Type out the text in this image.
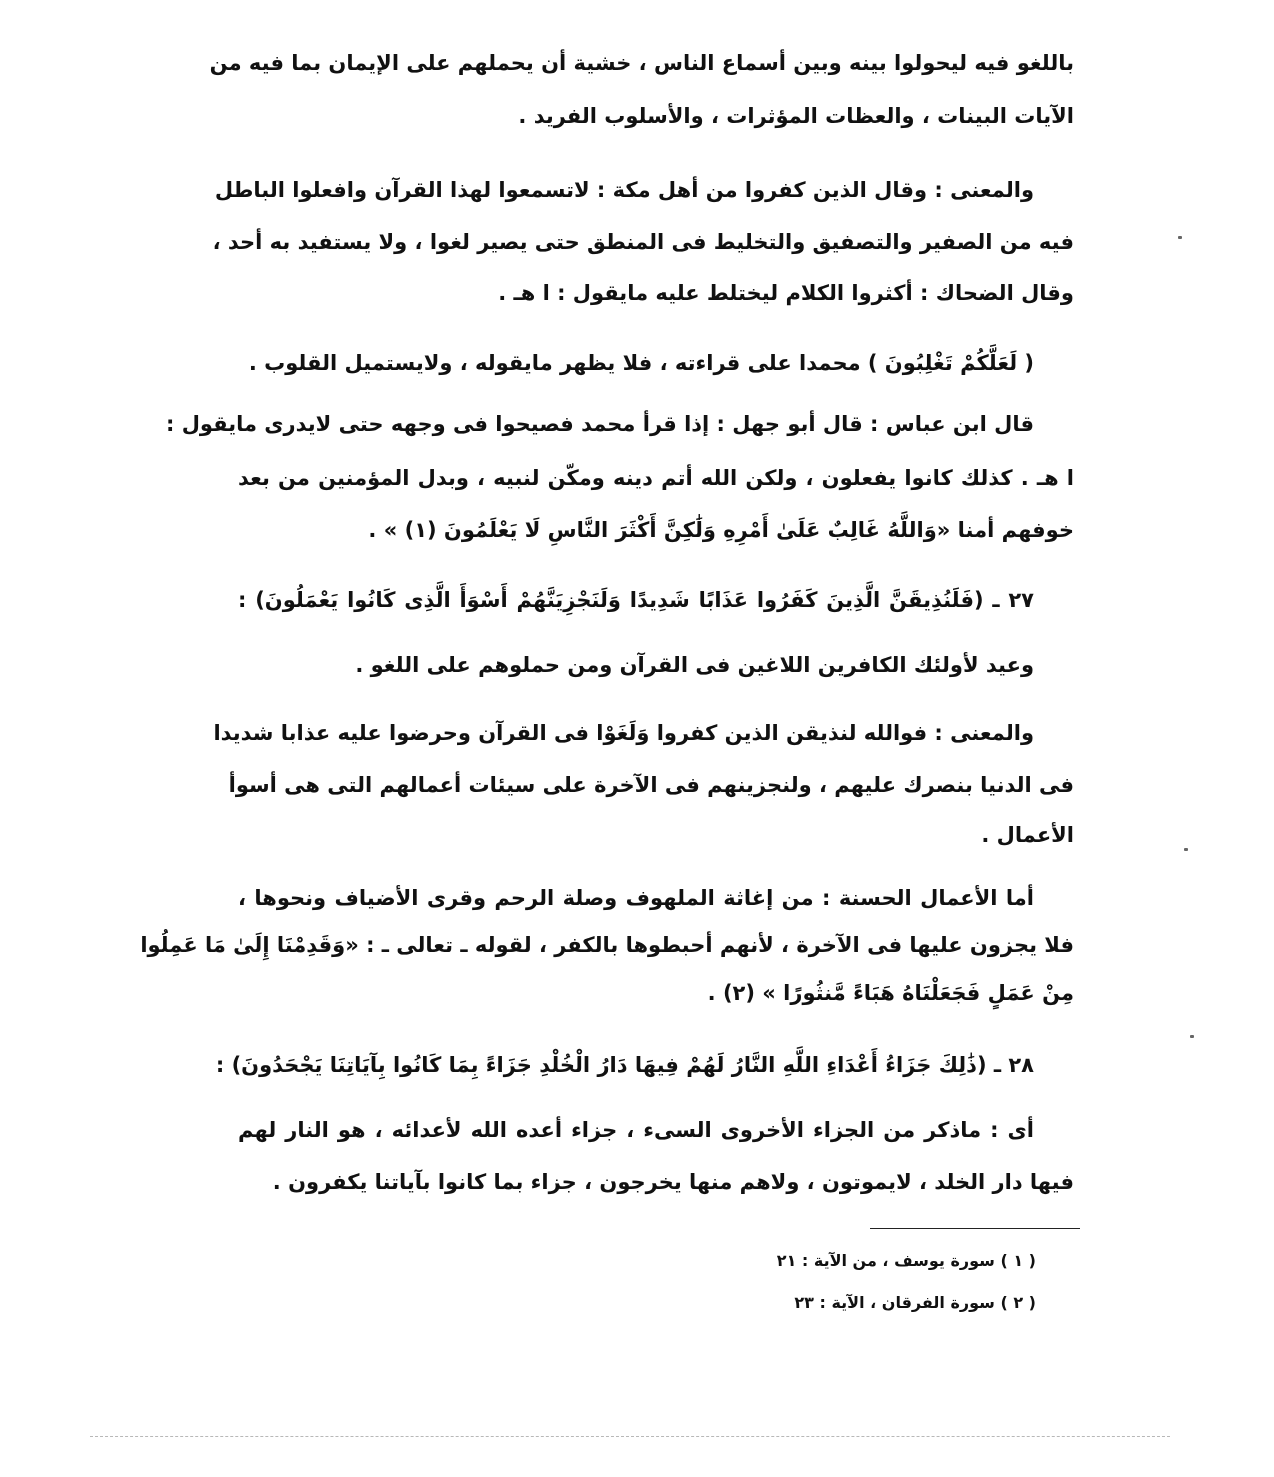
باللغو فيه ليحولوا بينه وبين أسماع الناس ، خشية أن يحملهم على الإيمان بما فيه من
الآيات البينات ، والعظات المؤثرات ، والأسلوب الفريد .
والمعنى : وقال الذين كفروا من أهل مكة : لاتسمعوا لهذا القرآن وافعلوا الباطل
فيه من الصفير والتصفيق والتخليط فى المنطق حتى يصير لغوا ، ولا يستفيد به أحد ،
وقال الضحاك : أكثروا الكلام ليختلط عليه مايقول : ا هـ .
( لَعَلَّكُمْ تَغْلِبُونَ ) محمدا على قراءته ، فلا يظهر مايقوله ، ولايستميل القلوب .
قال ابن عباس : قال أبو جهل : إذا قرأ محمد فصيحوا فى وجهه حتى لايدرى مايقول :
ا هـ . كذلك كانوا يفعلون ، ولكن الله أتم دينه ومكّن لنبيه ، وبدل المؤمنين من بعد
خوفهم أمنا «وَاللَّهُ غَالِبٌ عَلَىٰ أَمْرِهِ وَلَٰكِنَّ أَكْثَرَ النَّاسِ لَا يَعْلَمُونَ (١) » .
٢٧ ـ (فَلَنُذِيقَنَّ الَّذِينَ كَفَرُوا عَذَابًا شَدِيدًا وَلَنَجْزِيَنَّهُمْ أَسْوَأَ الَّذِى كَانُوا يَعْمَلُونَ) :
وعيد لأولئك الكافرين اللاغين فى القرآن ومن حملوهم على اللغو .
والمعنى : فوالله لنذيقن الذين كفروا وَلَغَوْا فى القرآن وحرضوا عليه عذابا شديدا
فى الدنيا بنصرك عليهم ، ولنجزينهم فى الآخرة على سيئات أعمالهم التى هى أسوأ
الأعمال .
أما الأعمال الحسنة : من إغاثة الملهوف وصلة الرحم وقرى الأضياف ونحوها ،
فلا يجزون عليها فى الآخرة ، لأنهم أحبطوها بالكفر ، لقوله ـ تعالى ـ : «وَقَدِمْنَا إِلَىٰ مَا عَمِلُوا
مِنْ عَمَلٍ فَجَعَلْنَاهُ هَبَاءً مَّنثُورًا » (٢) .
٢٨ ـ (ذَٰلِكَ جَزَاءُ أَعْدَاءِ اللَّهِ النَّارُ لَهُمْ فِيهَا دَارُ الْخُلْدِ جَزَاءً بِمَا كَانُوا بِآيَاتِنَا يَجْحَدُونَ) :
أى : ماذكر من الجزاء الأخروى السىء ، جزاء أعده الله لأعدائه ، هو النار لهم
فيها دار الخلد ، لايموتون ، ولاهم منها يخرجون ، جزاء بما كانوا بآياتنا يكفرون .
( ١ ) سورة يوسف ، من الآية : ٢١
( ٢ ) سورة الفرقان ، الآية : ٢٣
